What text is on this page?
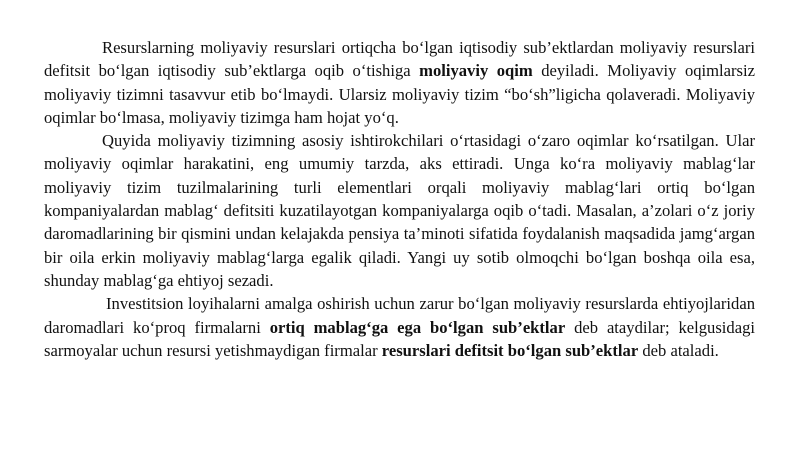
Resurslarning moliyaviy resurslari ortiqcha bo‘lgan iqtisodiy sub’ektlardan moliyaviy resurslari defitsit bo‘lgan iqtisodiy sub’ektlarga oqib o‘tishiga moliyaviy oqim deyiladi. Moliyaviy oqimlarsiz moliyaviy tizimni tasavvur etib bo‘lmaydi. Ularsiz moliyaviy tizim “bo‘sh”ligicha qolaveradi. Moliyaviy oqimlar bo‘lmasa, moliyaviy tizimga ham hojat yo‘q.

Quyida moliyaviy tizimning asosiy ishtirokchilari o‘rtasidagi o‘zaro oqimlar ko‘rsatilgan. Ular moliyaviy oqimlar harakatini, eng umumiy tarzda, aks ettiradi. Unga ko‘ra moliyaviy mablag‘lar moliyaviy tizim tuzilmalarining turli elementlari orqali moliyaviy mablag‘lari ortiq bo‘lgan kompaniyalardan mablag‘ defitsiti kuzatilayotgan kompaniyalarga oqib o‘tadi. Masalan, a’zolari o‘z joriy daromadlarining bir qismini undan kelajakda pensiya ta’minoti sifatida foydalanish maqsadida jamg‘argan bir oila erkin moliyaviy mablag‘larga egalik qiladi. Yangi uy sotib olmoqchi bo‘lgan boshqa oila esa, shunday mablag‘ga ehtiyoj sezadi.

Investitsion loyihalarni amalga oshirish uchun zarur bo‘lgan moliyaviy resurslarda ehtiyojlaridan daromadlari ko‘proq firmalarni ortiq mablag‘ga ega bo‘lgan sub’ektlar deb ataydilar; kelgusidagi sarmoyalar uchun resursi yetishmaydigan firmalar resurslari defitsit bo‘lgan sub’ektlar deb ataladi.
